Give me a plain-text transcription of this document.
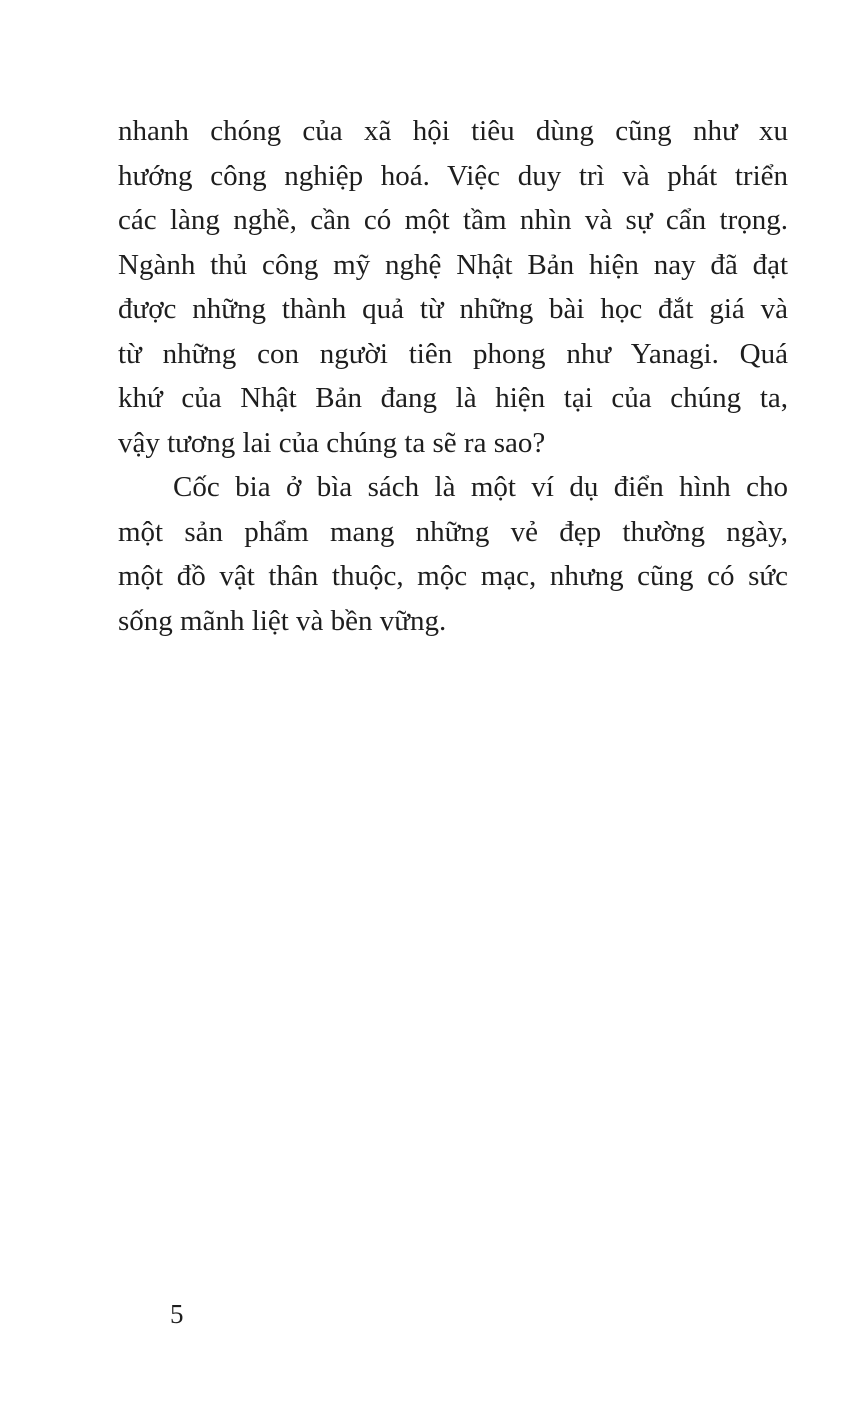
nhanh chóng của xã hội tiêu dùng cũng như xu
hướng công nghiệp hoá. Việc duy trì và phát triển
các làng nghề, cần có một tầm nhìn và sự cẩn trọng.
Ngành thủ công mỹ nghệ Nhật Bản hiện nay đã đạt
được những thành quả từ những bài học đắt giá và
từ những con người tiên phong như Yanagi. Quá
khứ của Nhật Bản đang là hiện tại của chúng ta,
vậy tương lai của chúng ta sẽ ra sao?
Cốc bia ở bìa sách là một ví dụ điển hình cho
một sản phẩm mang những vẻ đẹp thường ngày,
một đồ vật thân thuộc, mộc mạc, nhưng cũng có sức
sống mãnh liệt và bền vững.
5
